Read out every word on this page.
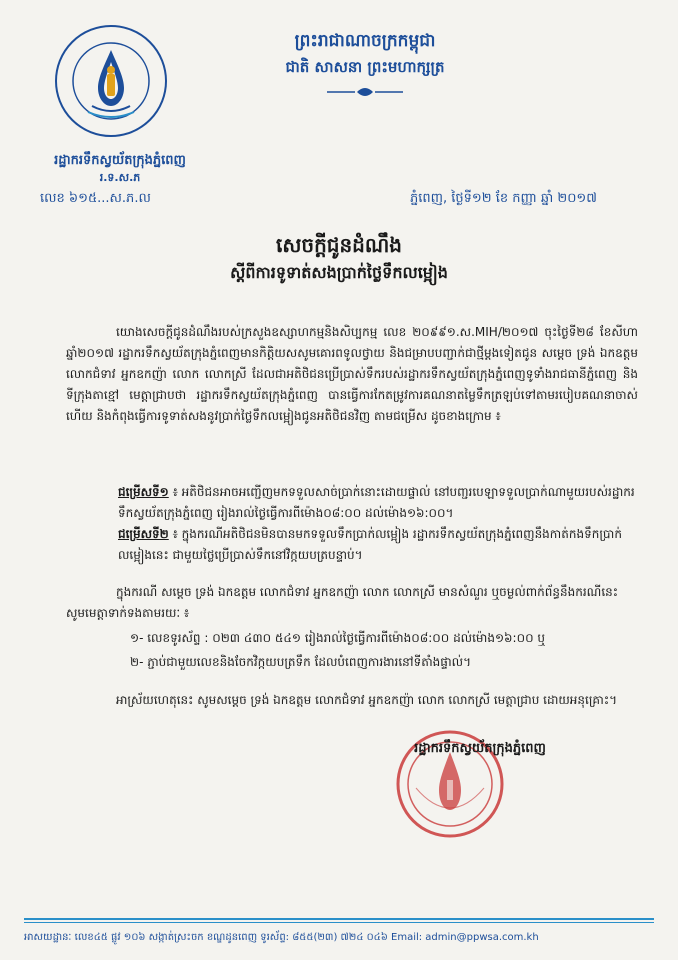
រដ្ឋាករទឹកស្វយ័តក្រុងភ្នំពេញ
រ.ទ.ស.ភ
លេខ ៦១៥...ស.ភ.ល
ព្រះរាជាណាចក្រកម្ពុជា
ជាតិ សាសនា ព្រះមហាក្សត្រ
ភ្នំពេញ, ថ្ងៃទី១២ ខែ កញ្ញា ឆ្នាំ ២០១៧
សេចក្តីជូនដំណឹង
ស្តីពីការទូទាត់សងប្រាក់ថ្លៃទឹកលម្អៀង
យោងសេចក្តីជូនដំណឹងរបស់ក្រសួងឧស្សាហកម្មនិងសិប្បកម្ម លេខ ២០៩៩១.ស.MIH/២០១៧ ចុះថ្ងៃទី២៨ ខែសីហា ឆ្នាំ២០១៧ រដ្ឋាករទឹកស្វយ័តក្រុងភ្នំពេញមានកិត្តិយសសូមគោរពទូលថ្វាយ និងជម្រាបបញ្ជាក់ជាថ្មីម្តងទៀតជូន សម្តេច ទ្រង់ ឯកឧត្តម លោកជំទាវ អ្នកឧកញ៉ា លោក លោកស្រី ដែលជាអតិថិជនប្រើប្រាស់ទឹករបស់រដ្ឋាករទឹកស្វយ័តក្រុងភ្នំពេញទូទាំងរាជធានីភ្នំពេញ និងទីក្រុងតាខ្មៅ មេត្តាជ្រាបថា រដ្ឋាករទឹកស្វយ័តក្រុងភ្នំពេញ បានធ្វើការកែតម្រូវការគណនាតម្លៃទឹកត្រឡប់ទៅតាមរបៀបគណនាចាស់ហើយ និងកំពុងធ្វើការទូទាត់សងនូវប្រាក់ថ្លៃទឹកលម្អៀងជូនអតិថិជនវិញ តាមជម្រើស ដូចខាងក្រោម ៖
ជម្រើសទី១ ៖ អតិថិជនអាចអញ្ជើញមកទទួលសាច់ប្រាក់នោះដោយផ្ទាល់ នៅបញ្ជរបេឡាទទួលប្រាក់ណាមួយរបស់រដ្ឋាករ ទឹកស្វយ័តក្រុងភ្នំពេញ រៀងរាល់ថ្ងៃធ្វើការពីម៉ោង០៨:០០ ដល់ម៉ោង១៦:០០។
ជម្រើសទី២ ៖ ក្នុងករណីអតិថិជនមិនបានមកទទួលទឹកប្រាក់លម្អៀង រដ្ឋាករទឹកស្វយ័តក្រុងភ្នំពេញនឹងកាត់កងទឹកប្រាក់លម្អៀងនេះ ជាមួយថ្លៃប្រើប្រាស់ទឹកនៅវិក្កយបត្របន្ទាប់។
ក្នុងករណី សម្តេច ទ្រង់ ឯកឧត្តម លោកជំទាវ អ្នកឧកញ៉ា លោក លោកស្រី មានសំណួរ ឬចម្ងល់ពាក់ព័ន្ធនឹងករណីនេះ សូមមេត្តាទាក់ទងតាមរយៈ ៖
១- លេខទូរស័ព្ទ : ០២៣ ៤៣០ ៥៤១ រៀងរាល់ថ្ងៃធ្វើការពីម៉ោង០៨:០០ ដល់ម៉ោង១៦:០០ ឬ
២- ភ្ជាប់ជាមួយលេខនិងចែកវិក្កយបត្រទឹក ដែលបំពេញការងារនៅទីតាំងផ្ទាល់។
អាស្រ័យហេតុនេះ សូមសម្តេច ទ្រង់ ឯកឧត្តម លោកជំទាវ អ្នកឧកញ៉ា លោក លោកស្រី មេត្តាជ្រាប ដោយអនុគ្រោះ។
រដ្ឋាករទឹកស្វយ័តក្រុងភ្នំពេញ
អាសយដ្ឋានៈ លេខ៤៥ ផ្លូវ ១០៦ សង្កាត់ស្រះចក ខណ្ឌដូនពេញ ទូរស័ព្ទ: ៨៥៥(២៣) ៧២៤ ០៤៦ Email: admin@ppwsa.com.kh
